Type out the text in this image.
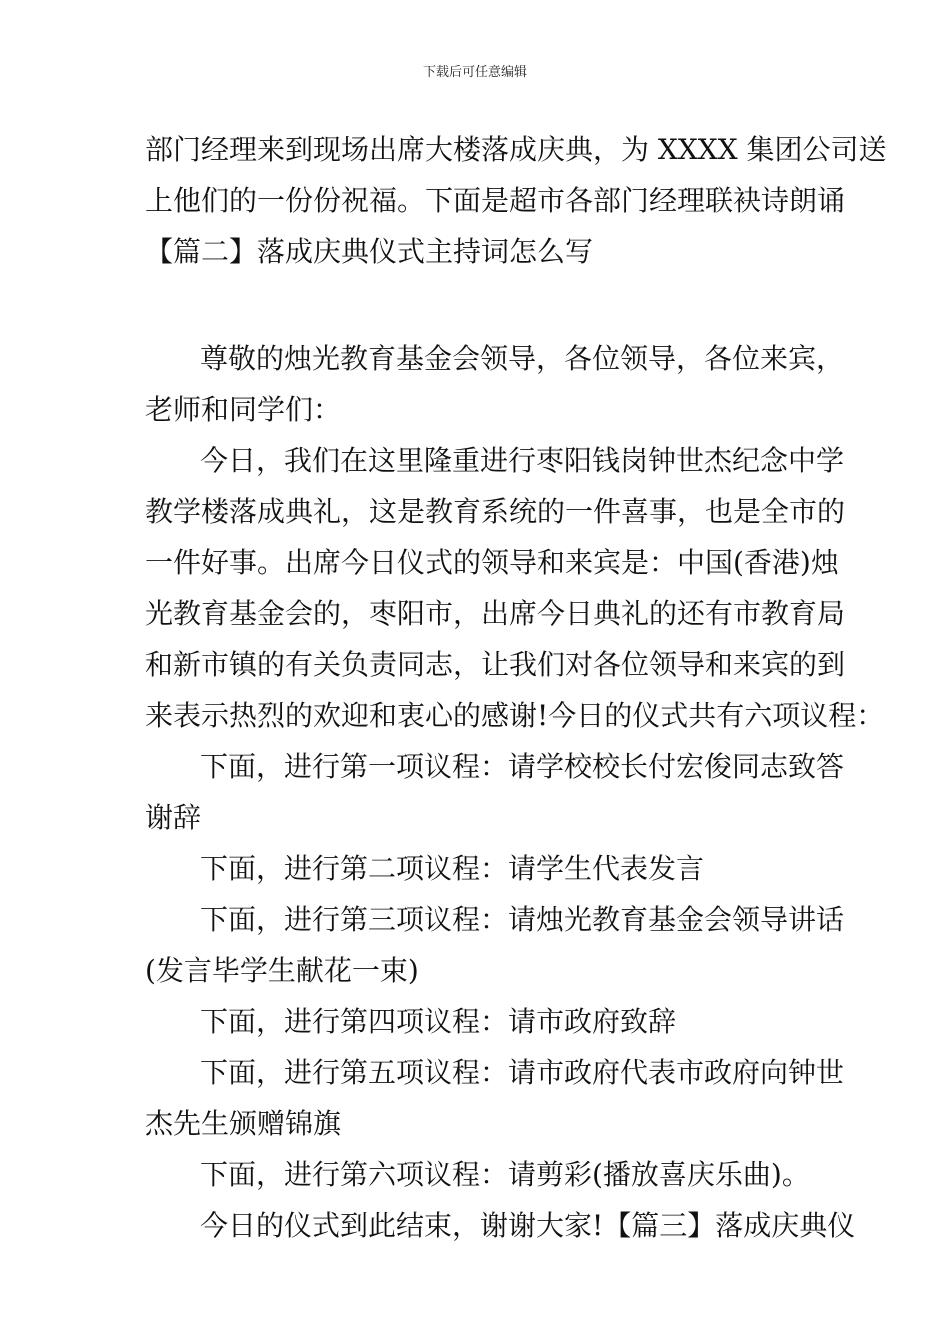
下载后可任意编辑
部门经理来到现场出席大楼落成庆典，为 XXXX 集团公司送
上他们的一份份祝福。下面是超市各部门经理联袂诗朗诵
【篇二】落成庆典仪式主持词怎么写
尊敬的烛光教育基金会领导，各位领导，各位来宾，
老师和同学们：
今日，我们在这里隆重进行枣阳钱岗钟世杰纪念中学
教学楼落成典礼，这是教育系统的一件喜事，也是全市的
一件好事。出席今日仪式的领导和来宾是：中国(香港)烛
光教育基金会的，枣阳市，出席今日典礼的还有市教育局
和新市镇的有关负责同志，让我们对各位领导和来宾的到
来表示热烈的欢迎和衷心的感谢!今日的仪式共有六项议程：
下面，进行第一项议程：请学校校长付宏俊同志致答
谢辞
下面，进行第二项议程：请学生代表发言
下面，进行第三项议程：请烛光教育基金会领导讲话
(发言毕学生献花一束)
下面，进行第四项议程：请市政府致辞
下面，进行第五项议程：请市政府代表市政府向钟世
杰先生颁赠锦旗
下面，进行第六项议程：请剪彩(播放喜庆乐曲)。
今日的仪式到此结束，谢谢大家!【篇三】落成庆典仪
